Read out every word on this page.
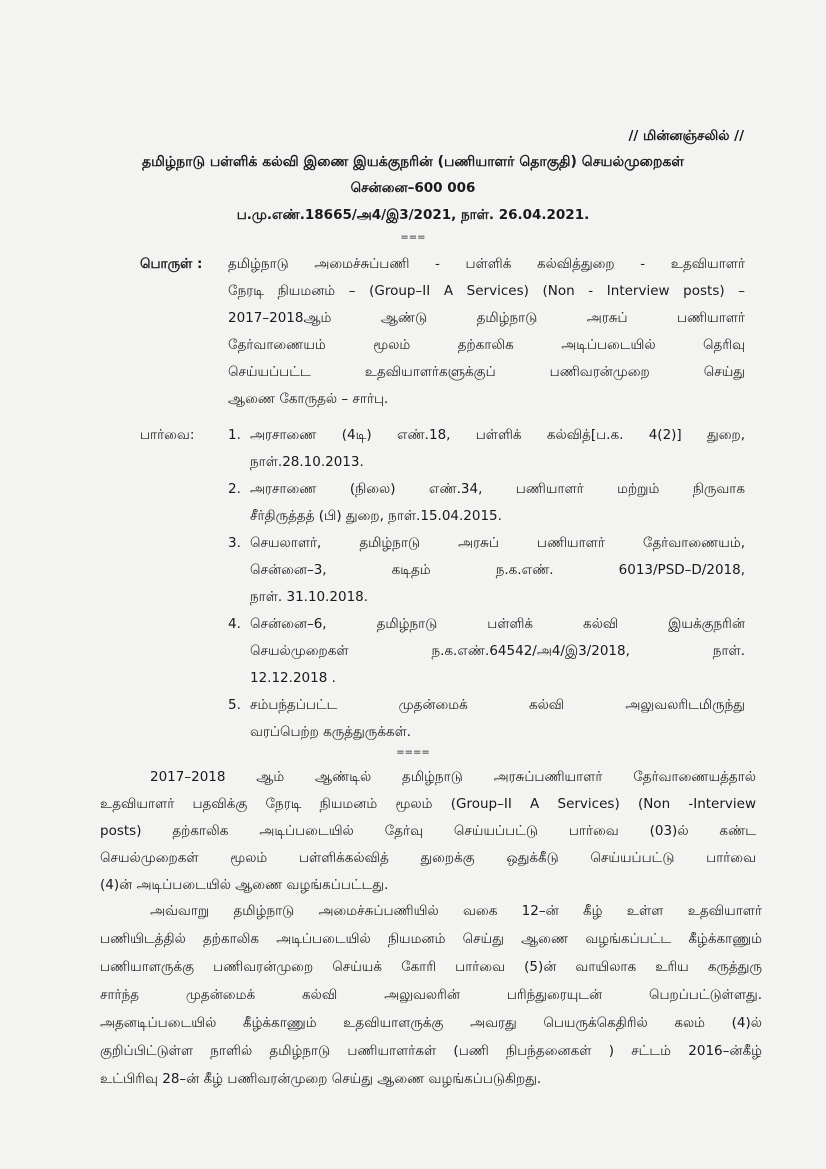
// மின்னஞ்சலில் //
தமிழ்நாடு பள்ளிக் கல்வி இணை இயக்குநரின் (பணியாளர் தொகுதி) செயல்முறைகள்
சென்னை–600 006
ப.மு.எண்.18665/அ4/இ3/2021, நாள். 26.04.2021.
===
பொருள் : தமிழ்நாடு அமைச்சுப்பணி - பள்ளிக் கல்வித்துறை - உதவியாளர்
நேரடி நியமனம் – (Group–II A Services) (Non - Interview posts) –
2017–2018ஆம் ஆண்டு தமிழ்நாடு அரசுப் பணியாளர்
தேர்வாணையம் மூலம் தற்காலிக அடிப்படையில் தெரிவு
செய்யப்பட்ட உதவியாளர்களுக்குப் பணிவரன்முறை செய்து
ஆணை கோருதல் – சார்பு.
பார்வை: 1. அரசாணை (4டி) எண்.18, பள்ளிக் கல்வித்[ப.க. 4(2)] துறை,
நாள்.28.10.2013.
2. அரசாணை (நிலை) எண்.34, பணியாளர் மற்றும் நிருவாக
சீர்திருத்தத் (பி) துறை, நாள்.15.04.2015.
3. செயலாளர், தமிழ்நாடு அரசுப் பணியாளர் தேர்வாணையம்,
சென்னை–3, கடிதம் ந.க.எண். 6013/PSD–D/2018,
நாள். 31.10.2018.
4. சென்னை–6, தமிழ்நாடு பள்ளிக் கல்வி இயக்குநரின்
செயல்முறைகள் ந.க.எண்.64542/அ4/இ3/2018, நாள்.
12.12.2018 .
5. சம்பந்தப்பட்ட முதன்மைக் கல்வி அலுவலரிடமிருந்து
வரப்பெற்ற கருத்துருக்கள்.
====
2017–2018 ஆம் ஆண்டில் தமிழ்நாடு அரசுப்பணியாளர் தேர்வாணையத்தால்
உதவியாளர் பதவிக்கு நேரடி நியமனம் மூலம் (Group–II A Services) (Non -Interview
posts) தற்காலிக அடிப்படையில் தேர்வு செய்யப்பட்டு பார்வை (03)ல் கண்ட
செயல்முறைகள் மூலம் பள்ளிக்கல்வித் துறைக்கு ஒதுக்கீடு செய்யப்பட்டு பார்வை
(4)ன் அடிப்படையில் ஆணை வழங்கப்பட்டது.
அவ்வாறு தமிழ்நாடு அமைச்சுப்பணியில் வகை 12–ன் கீழ் உள்ள உதவியாளர்
பணியிடத்தில் தற்காலிக அடிப்படையில் நியமனம் செய்து ஆணை வழங்கப்பட்ட கீழ்க்காணும்
பணியாளருக்கு பணிவரன்முறை செய்யக் கோரி பார்வை (5)ன் வாயிலாக உரிய கருத்துரு
சார்ந்த முதன்மைக் கல்வி அலுவலரின் பரிந்துரையுடன் பெறப்பட்டுள்ளது.
அதனடிப்படையில் கீழ்க்காணும் உதவியாளருக்கு அவரது பெயருக்கெதிரில் கலம் (4)ல்
குறிப்பிட்டுள்ள நாளில் தமிழ்நாடு பணியாளர்கள் (பணி நிபந்தனைகள் ) சட்டம் 2016–ன்கீழ்
உட்பிரிவு 28–ன் கீழ் பணிவரன்முறை செய்து ஆணை வழங்கப்படுகிறது.
